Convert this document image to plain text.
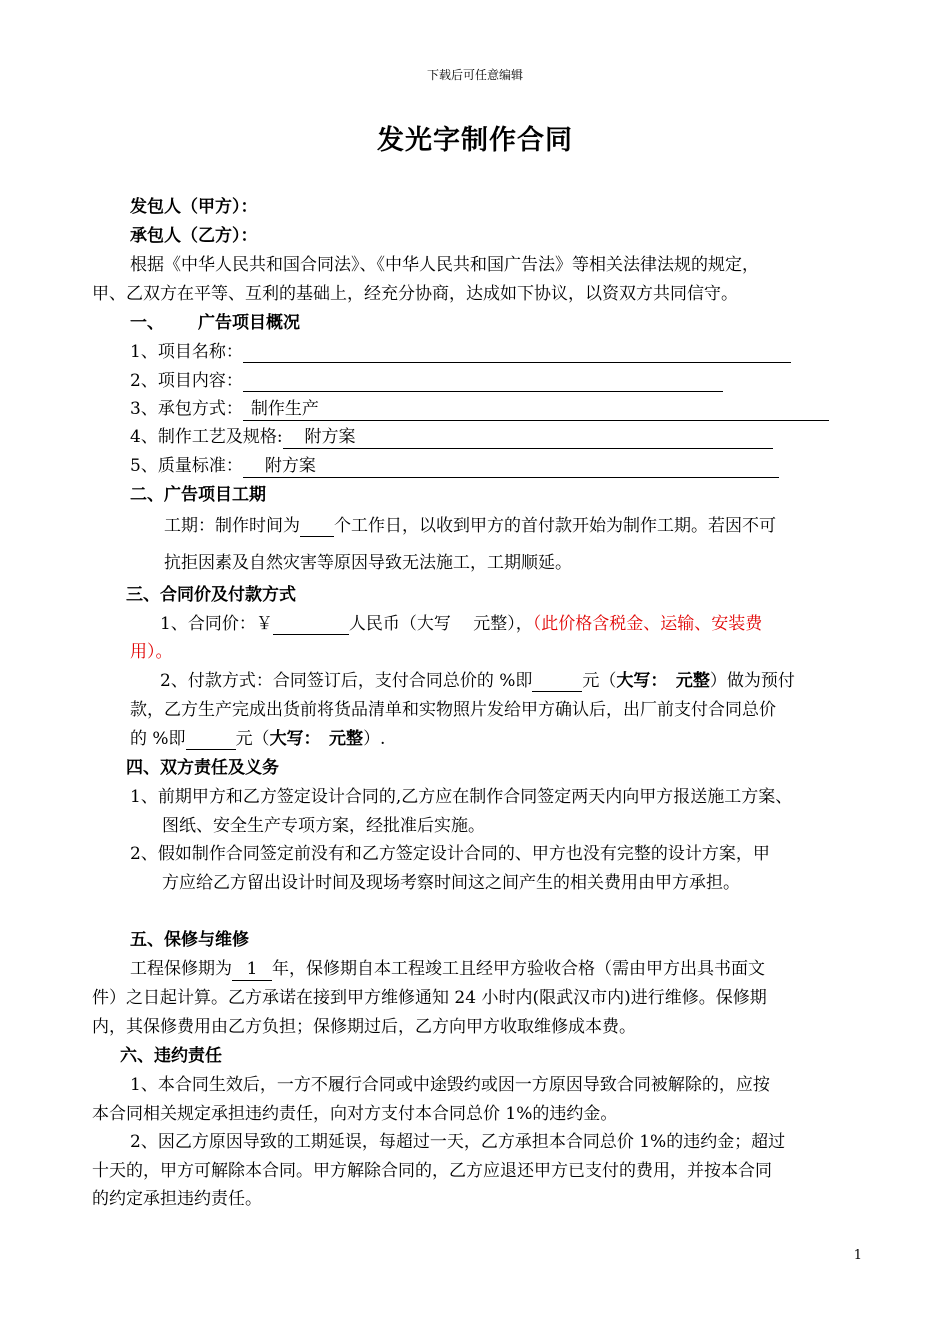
下载后可任意编辑
发光字制作合同
发包人（甲方）：
承包人（乙方）：
根据《中华人民共和国合同法》、《中华人民共和国广告法》等相关法律法规的规定，
甲、乙双方在平等、互利的基础上，经充分协商，达成如下协议，以资双方共同信守。
一、 广告项目概况
1、项目名称：
2、项目内容：
3、承包方式： 制作生产
4、制作工艺及规格: 附方案
5、质量标准： 附方案
二、广告项目工期
工期：制作时间为 个工作日，以收到甲方的首付款开始为制作工期。若因不可
抗拒因素及自然灾害等原因导致无法施工，工期顺延。
三、合同价及付款方式
1、合同价：￥	人民币（大写　 元整），（此价格含税金、运输、安装费
用）。
2、付款方式：合同签订后，支付合同总价的 %即	元（大写：　元整）做为预付
款，乙方生产完成出货前将货品清单和实物照片发给甲方确认后，出厂前支付合同总价
的 %即	元（大写：　元整）.
四、双方责任及义务
1、前期甲方和乙方签定设计合同的,乙方应在制作合同签定两天内向甲方报送施工方案、
图纸、安全生产专项方案，经批准后实施。
2、假如制作合同签定前没有和乙方签定设计合同的、甲方也没有完整的设计方案，甲
方应给乙方留出设计时间及现场考察时间这之间产生的相关费用由甲方承担。
五、保修与维修
工程保修期为 1 年，保修期自本工程竣工且经甲方验收合格（需由甲方出具书面文
件）之日起计算。乙方承诺在接到甲方维修通知 24 小时内(限武汉市内)进行维修。保修期
内，其保修费用由乙方负担；保修期过后，乙方向甲方收取维修成本费。
六、违约责任
1、本合同生效后，一方不履行合同或中途毁约或因一方原因导致合同被解除的，应按
本合同相关规定承担违约责任，向对方支付本合同总价 1%的违约金。
2、因乙方原因导致的工期延误，每超过一天，乙方承担本合同总价 1%的违约金；超过
十天的，甲方可解除本合同。甲方解除合同的，乙方应退还甲方已支付的费用，并按本合同
的约定承担违约责任。
1
